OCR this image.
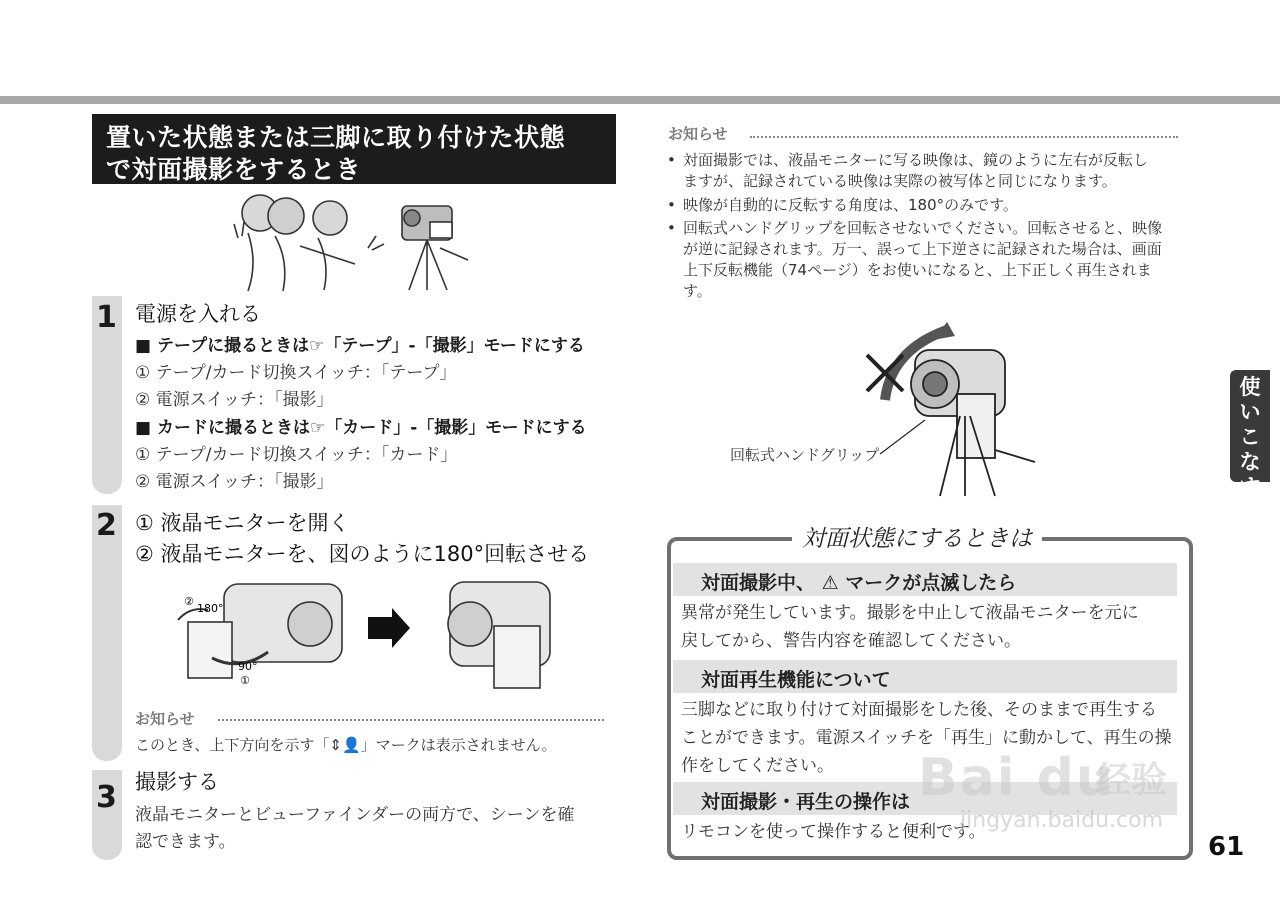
置いた状態または三脚に取り付けた状態
で対面撮影をするとき
1 電源を入れる
■ テープに撮るときは☞「テープ」-「撮影」モードにする
① テープ/カード切換スイッチ：「テープ」
② 電源スイッチ：「撮影」
■ カードに撮るときは☞「カード」-「撮影」モードにする
① テープ/カード切換スイッチ：「カード」
② 電源スイッチ：「撮影」
2 ① 液晶モニターを開く
② 液晶モニターを、図のように180°回転させる
②
180°
90°
①
お知らせ
このとき、上下方向を示す「⇕👤」マークは表示されません。
3 撮影する
液晶モニターとビューファインダーの両方で、シーンを確
認できます。
お知らせ
• 対面撮影では、液晶モニターに写る映像は、鏡のように左右が反転し
ますが、記録されている映像は実際の被写体と同じになります。
• 映像が自動的に反転する角度は、180°のみです。
• 回転式ハンドグリップを回転させないでください。回転させると、映像
が逆に記録されます。万一、誤って上下逆さに記録された場合は、画面
上下反転機能（74ページ）をお使いになると、上下正しく再生されま
す。
回転式ハンドグリップ
対面状態にするときは
対面撮影中、 ⚠ マークが点滅したら
異常が発生しています。撮影を中止して液晶モニターを元に
戻してから、警告内容を確認してください。
対面再生機能について
三脚などに取り付けて対面撮影をした後、そのままで再生する
ことができます。電源スイッチを「再生」に動かして、再生の操
作をしてください。
対面撮影・再生の操作は
リモコンを使って操作すると便利です。
使いこなす
61
Bai du
经验
jingyan.baidu.com
